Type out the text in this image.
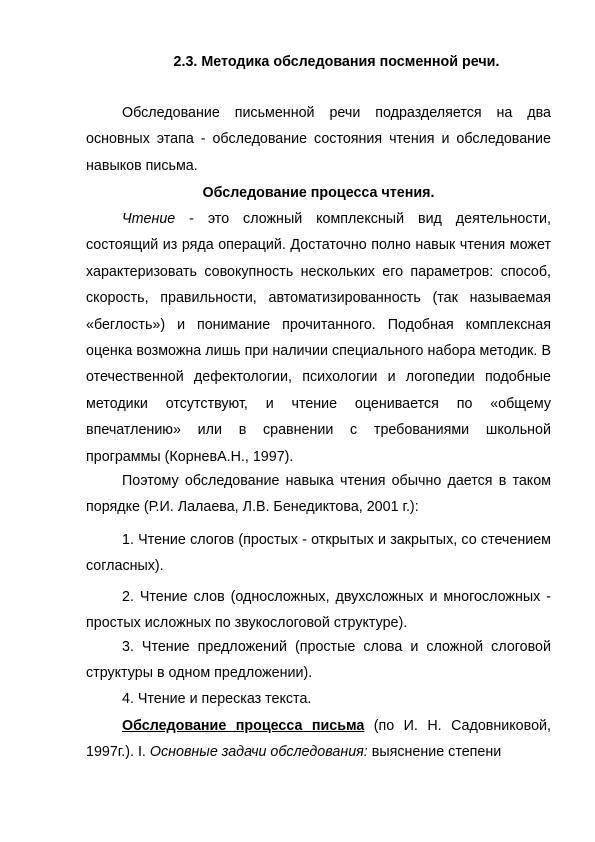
2.3. Методика обследования посменной речи.
Обследование письменной речи подразделяется на два основных этапа - обследование состояния чтения и обследование навыков письма.
Обследование процесса чтения.
Чтение - это сложный комплексный вид деятельности, состоящий из ряда операций. Достаточно полно навык чтения может характеризовать совокупность нескольких его параметров: способ, скорость, правильности, автоматизированность (так называемая «беглость») и понимание прочитанного. Подобная комплексная оценка возможна лишь при наличии специального набора методик. В отечественной дефектологии, психологии и логопедии подобные методики отсутствуют, и чтение оценивается по «общему впечатлению» или в сравнении с требованиями школьной программы (КорневА.Н., 1997).
Поэтому обследование навыка чтения обычно дается в таком порядке (Р.И. Лалаева, Л.В. Бенедиктова, 2001 г.):
1. Чтение слогов (простых - открытых и закрытых, со стечением согласных).
2. Чтение слов (односложных, двухсложных и многосложных - простых исложных по звукослоговой структуре).
3. Чтение предложений (простые слова и сложной слоговой структуры в одном предложении).
4. Чтение и пересказ текста.
Обследование процесса письма (по И. Н. Садовниковой, 1997г.). I. Основные задачи обследования: выяснение степени
